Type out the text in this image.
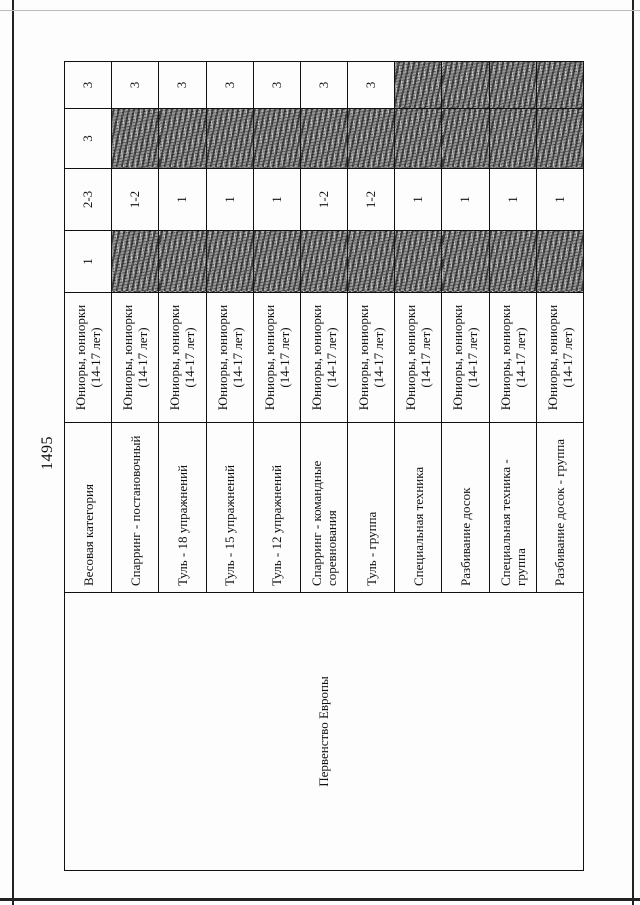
1495
Первенство Европы	Весовая категория	Юниоры, юниорки (14-17 лет)	1	2-3	3	3
	Спарринг - постановочный	Юниоры, юниорки (14-17 лет)		1-2		3
	Туль - 18 упражнений	Юниоры, юниорки (14-17 лет)		1		3
	Туль - 15 упражнений	Юниоры, юниорки (14-17 лет)		1		3
	Туль - 12 упражнений	Юниоры, юниорки (14-17 лет)		1		3
	Спарринг - командные соревнования	Юниоры, юниорки (14-17 лет)		1-2		3
	Туль - группа	Юниоры, юниорки (14-17 лет)		1-2		3
	Специальная техника	Юниоры, юниорки (14-17 лет)		1		
	Разбивание досок	Юниоры, юниорки (14-17 лет)		1		
	Специальная техника - группа	Юниоры, юниорки (14-17 лет)		1		
	Разбивание досок - группа	Юниоры, юниорки (14-17 лет)		1		
